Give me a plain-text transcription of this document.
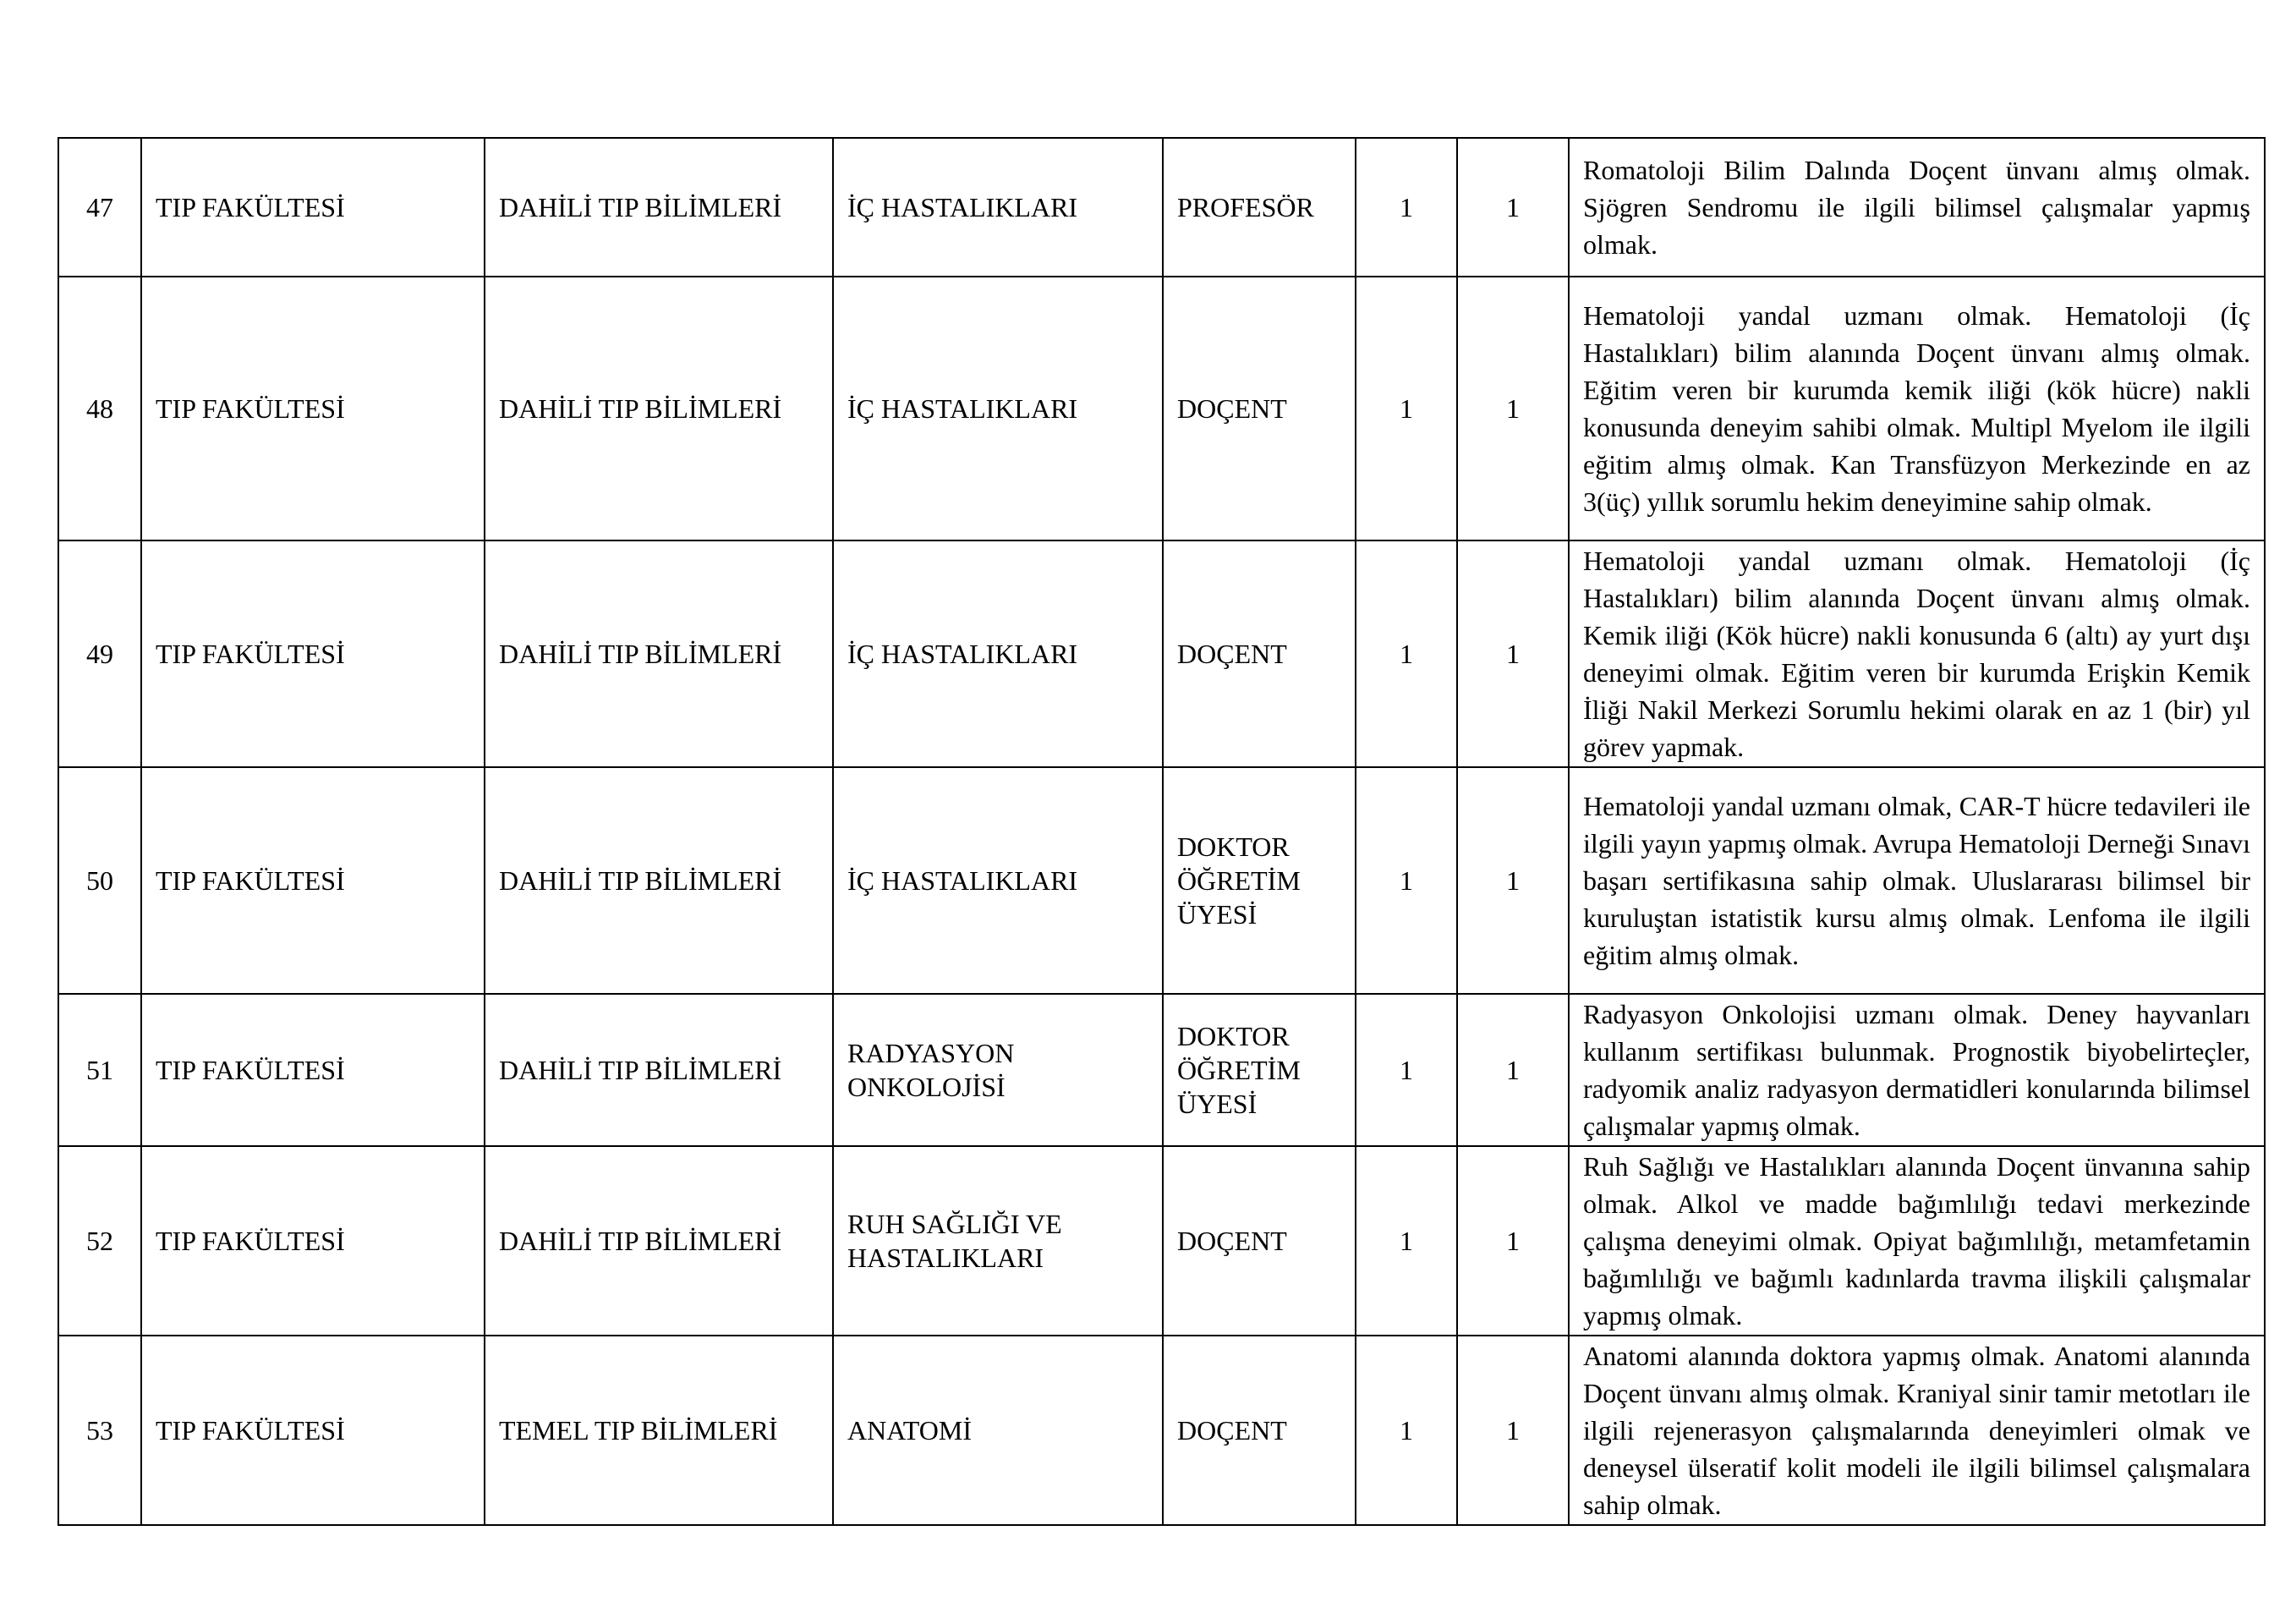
47	TIP FAKÜLTESİ	DAHİLİ TIP BİLİMLERİ	İÇ HASTALIKLARI	PROFESÖR	1	1	Romatoloji Bilim Dalında Doçent ünvanı almış olmak. Sjögren Sendromu ile ilgili bilimsel çalışmalar yapmış olmak.
48	TIP FAKÜLTESİ	DAHİLİ TIP BİLİMLERİ	İÇ HASTALIKLARI	DOÇENT	1	1	Hematoloji yandal uzmanı olmak. Hematoloji (İç Hastalıkları) bilim alanında Doçent ünvanı almış olmak. Eğitim veren bir kurumda kemik iliği (kök hücre) nakli konusunda deneyim sahibi olmak. Multipl Myelom ile ilgili eğitim almış olmak. Kan Transfüzyon Merkezinde en az 3(üç) yıllık sorumlu hekim deneyimine sahip olmak.
49	TIP FAKÜLTESİ	DAHİLİ TIP BİLİMLERİ	İÇ HASTALIKLARI	DOÇENT	1	1	Hematoloji yandal uzmanı olmak. Hematoloji (İç Hastalıkları) bilim alanında Doçent ünvanı almış olmak. Kemik iliği (Kök hücre) nakli konusunda 6 (altı) ay yurt dışı deneyimi olmak. Eğitim veren bir kurumda Erişkin Kemik İliği Nakil Merkezi Sorumlu hekimi olarak en az 1 (bir) yıl görev yapmak.
50	TIP FAKÜLTESİ	DAHİLİ TIP BİLİMLERİ	İÇ HASTALIKLARI	DOKTOR ÖĞRETİM ÜYESİ	1	1	Hematoloji yandal uzmanı olmak, CAR-T hücre tedavileri ile ilgili yayın yapmış olmak. Avrupa Hematoloji Derneği Sınavı başarı sertifikasına sahip olmak. Uluslararası bilimsel bir kuruluştan istatistik kursu almış olmak. Lenfoma ile ilgili eğitim almış olmak.
51	TIP FAKÜLTESİ	DAHİLİ TIP BİLİMLERİ	RADYASYON ONKOLOJİSİ	DOKTOR ÖĞRETİM ÜYESİ	1	1	Radyasyon Onkolojisi uzmanı olmak. Deney hayvanları kullanım sertifikası bulunmak. Prognostik biyobelirteçler, radyomik analiz radyasyon dermatidleri konularında bilimsel çalışmalar yapmış olmak.
52	TIP FAKÜLTESİ	DAHİLİ TIP BİLİMLERİ	RUH SAĞLIĞI VE HASTALIKLARI	DOÇENT	1	1	Ruh Sağlığı ve Hastalıkları alanında Doçent ünvanına sahip olmak. Alkol ve madde bağımlılığı tedavi merkezinde çalışma deneyimi olmak. Opiyat bağımlılığı, metamfetamin bağımlılığı ve bağımlı kadınlarda travma ilişkili çalışmalar yapmış olmak.
53	TIP FAKÜLTESİ	TEMEL TIP BİLİMLERİ	ANATOMİ	DOÇENT	1	1	Anatomi alanında doktora yapmış olmak. Anatomi alanında Doçent ünvanı almış olmak. Kraniyal sinir tamir metotları ile ilgili rejenerasyon çalışmalarında deneyimleri olmak ve deneysel ülseratif kolit modeli ile ilgili bilimsel çalışmalara sahip olmak.
